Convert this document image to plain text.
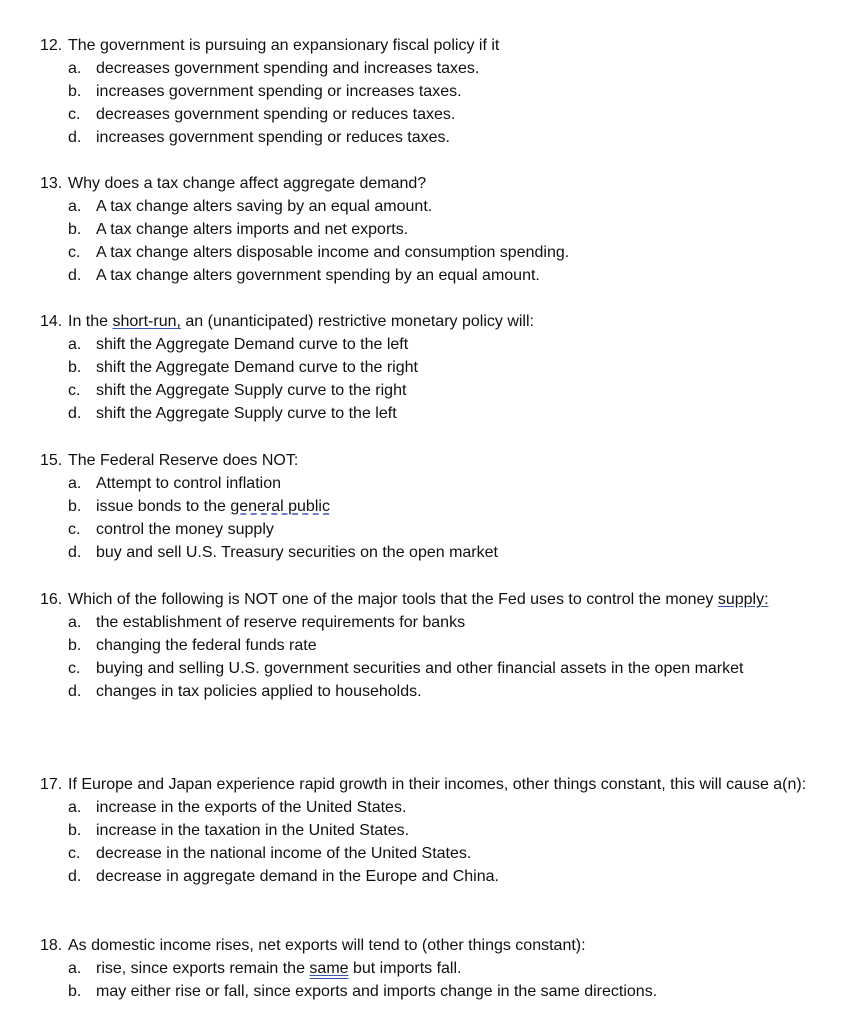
12. The government is pursuing an expansionary fiscal policy if it
a. decreases government spending and increases taxes.
b. increases government spending or increases taxes.
c. decreases government spending or reduces taxes.
d. increases government spending or reduces taxes.
13. Why does a tax change affect aggregate demand?
a. A tax change alters saving by an equal amount.
b. A tax change alters imports and net exports.
c. A tax change alters disposable income and consumption spending.
d. A tax change alters government spending by an equal amount.
14. In the short-run, an (unanticipated) restrictive monetary policy will:
a. shift the Aggregate Demand curve to the left
b. shift the Aggregate Demand curve to the right
c. shift the Aggregate Supply curve to the right
d. shift the Aggregate Supply curve to the left
15. The Federal Reserve does NOT:
a. Attempt to control inflation
b. issue bonds to the general public
c. control the money supply
d. buy and sell U.S. Treasury securities on the open market
16. Which of the following is NOT one of the major tools that the Fed uses to control the money supply:
a. the establishment of reserve requirements for banks
b. changing the federal funds rate
c. buying and selling U.S. government securities and other financial assets in the open market
d. changes in tax policies applied to households.
17. If Europe and Japan experience rapid growth in their incomes, other things constant, this will cause a(n):
a. increase in the exports of the United States.
b. increase in the taxation in the United States.
c. decrease in the national income of the United States.
d. decrease in aggregate demand in the Europe and China.
18. As domestic income rises, net exports will tend to (other things constant):
a. rise, since exports remain the same but imports fall.
b. may either rise or fall, since exports and imports change in the same directions.
